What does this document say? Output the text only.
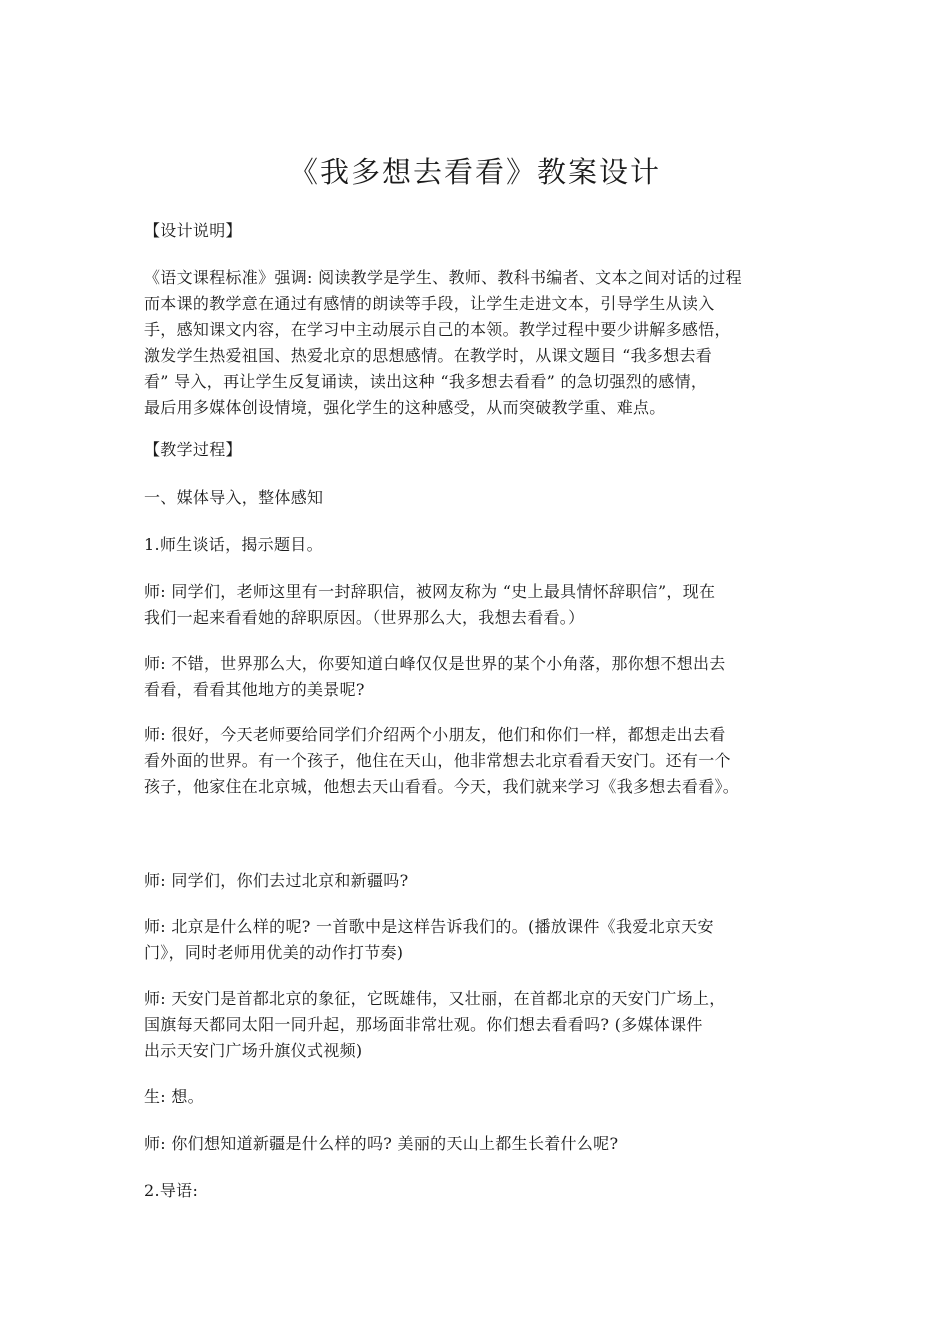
《我多想去看看》教案设计

【设计说明】

《语文课程标准》强调: 阅读教学是学生、教师、教科书编者、文本之间对话的过程

而本课的教学意在通过有感情的朗读等手段，让学生走进文本，引导学生从读入

手，感知课文内容，在学习中主动展示自己的本领。教学过程中要少讲解多感悟，

激发学生热爱祖国、热爱北京的思想感情。在教学时，从课文题目 “我多想去看

看” 导入，再让学生反复诵读，读出这种 “我多想去看看” 的急切强烈的感情，

最后用多媒体创设情境，强化学生的这种感受，从而突破教学重、难点。

【教学过程】

一、媒体导入，整体感知

1.师生谈话，揭示题目。

师: 同学们，老师这里有一封辞职信，被网友称为 “史上最具情怀辞职信”，现在

我们一起来看看她的辞职原因。（世界那么大，我想去看看。）

师: 不错，世界那么大，你要知道白峰仅仅是世界的某个小角落，那你想不想出去

看看，看看其他地方的美景呢?

师: 很好，今天老师要给同学们介绍两个小朋友，他们和你们一样，都想走出去看

看外面的世界。有一个孩子，他住在天山，他非常想去北京看看天安门。还有一个

孩子，他家住在北京城，他想去天山看看。今天，我们就来学习《我多想去看看》。

师: 同学们，你们去过北京和新疆吗?

师: 北京是什么样的呢? 一首歌中是这样告诉我们的。(播放课件《我爱北京天安

门》，同时老师用优美的动作打节奏)

师: 天安门是首都北京的象征，它既雄伟，又壮丽，在首都北京的天安门广场上，

国旗每天都同太阳一同升起，那场面非常壮观。你们想去看看吗? (多媒体课件

出示天安门广场升旗仪式视频)

生: 想。

师: 你们想知道新疆是什么样的吗? 美丽的天山上都生长着什么呢?

2.导语:
